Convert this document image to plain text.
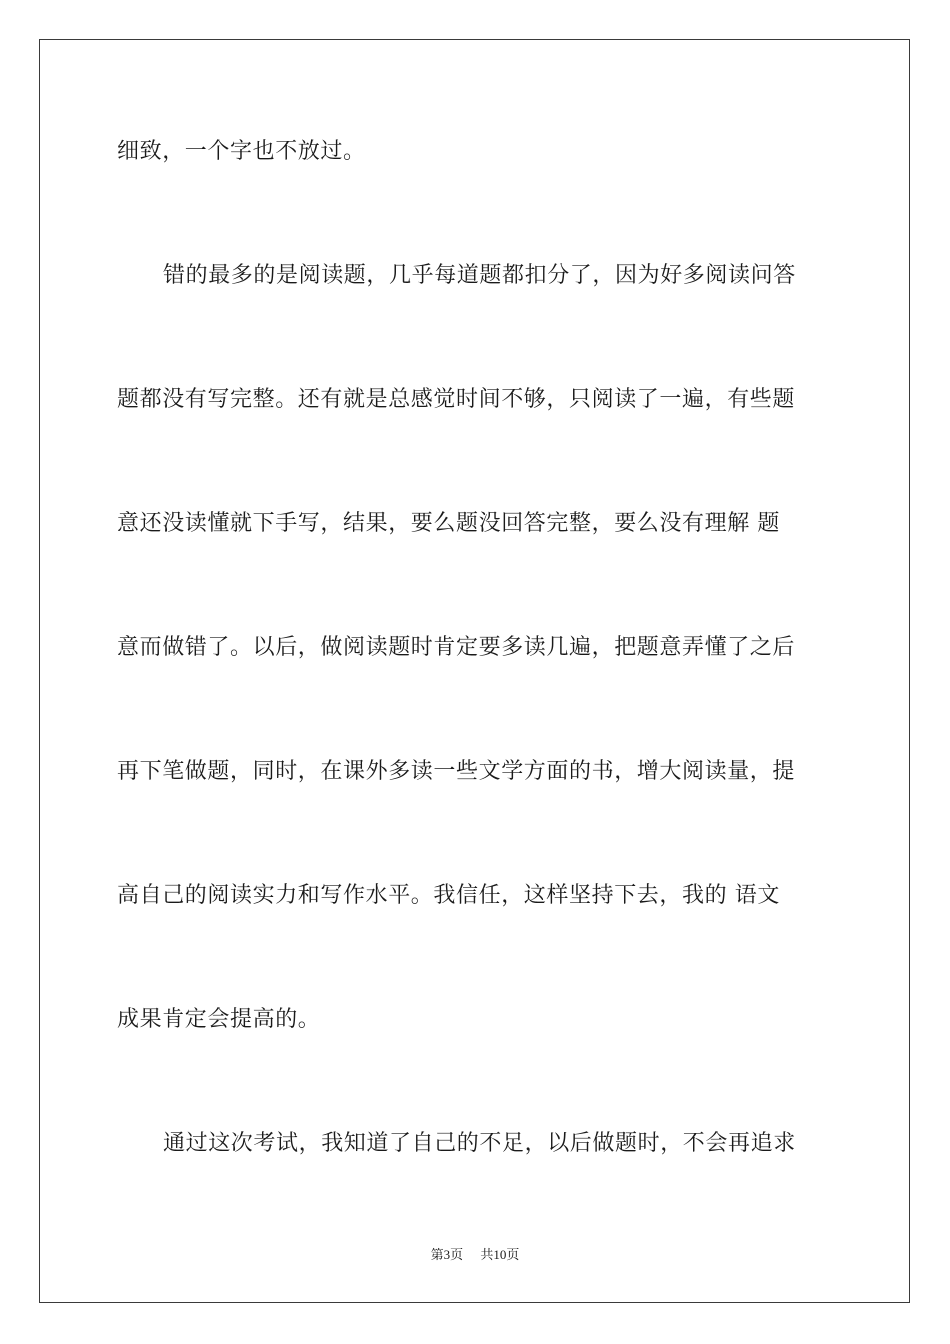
细致，一个字也不放过。
错的最多的是阅读题，几乎每道题都扣分了，因为好多阅读问答
题都没有写完整。还有就是总感觉时间不够，只阅读了一遍，有些题
意还没读懂就下手写，结果，要么题没回答完整，要么没有理解 题
意而做错了。以后，做阅读题时肯定要多读几遍，把题意弄懂了之后
再下笔做题，同时，在课外多读一些文学方面的书，增大阅读量，提
高自己的阅读实力和写作水平。我信任，这样坚持下去，我的 语文
成果肯定会提高的。
通过这次考试，我知道了自己的不足，以后做题时，不会再追求
第3页 共10页
